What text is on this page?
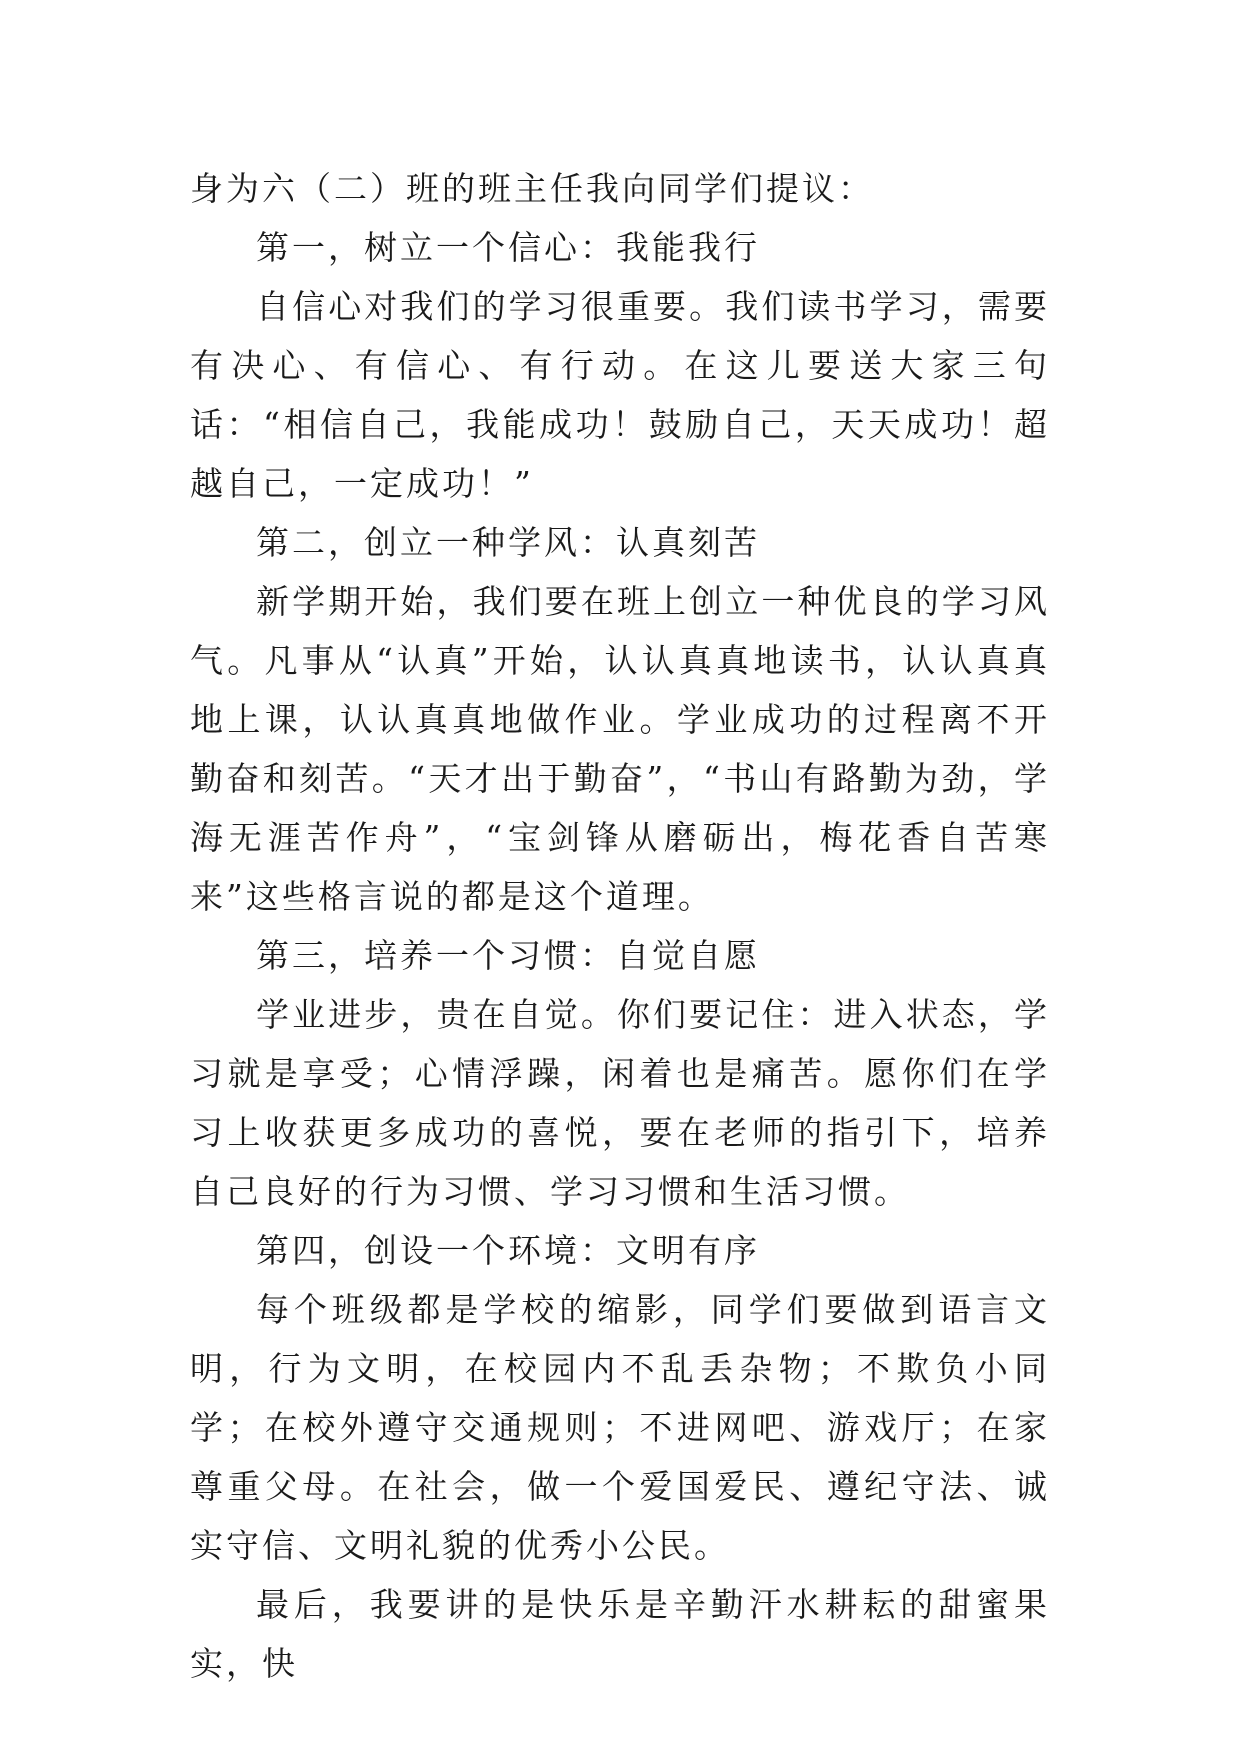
身为六（二）班的班主任我向同学们提议：

第一，树立一个信心：我能我行

自信心对我们的学习很重要。我们读书学习，需要有决心、有信心、有行动。在这儿要送大家三句话：“相信自己，我能成功！鼓励自己，天天成功！超越自己，一定成功！”

第二，创立一种学风：认真刻苦

新学期开始，我们要在班上创立一种优良的学习风气。凡事从“认真”开始，认认真真地读书，认认真真地上课，认认真真地做作业。学业成功的过程离不开勤奋和刻苦。“天才出于勤奋”，“书山有路勤为劲，学海无涯苦作舟”，“宝剑锋从磨砺出，梅花香自苦寒来”这些格言说的都是这个道理。

第三，培养一个习惯：自觉自愿

学业进步，贵在自觉。你们要记住：进入状态，学习就是享受；心情浮躁，闲着也是痛苦。愿你们在学习上收获更多成功的喜悦，要在老师的指引下，培养自己良好的行为习惯、学习习惯和生活习惯。

第四，创设一个环境：文明有序

每个班级都是学校的缩影，同学们要做到语言文明，行为文明，在校园内不乱丢杂物；不欺负小同学；在校外遵守交通规则；不进网吧、游戏厅；在家尊重父母。在社会，做一个爱国爱民、遵纪守法、诚实守信、文明礼貌的优秀小公民。

最后，我要讲的是快乐是辛勤汗水耕耘的甜蜜果实，快
